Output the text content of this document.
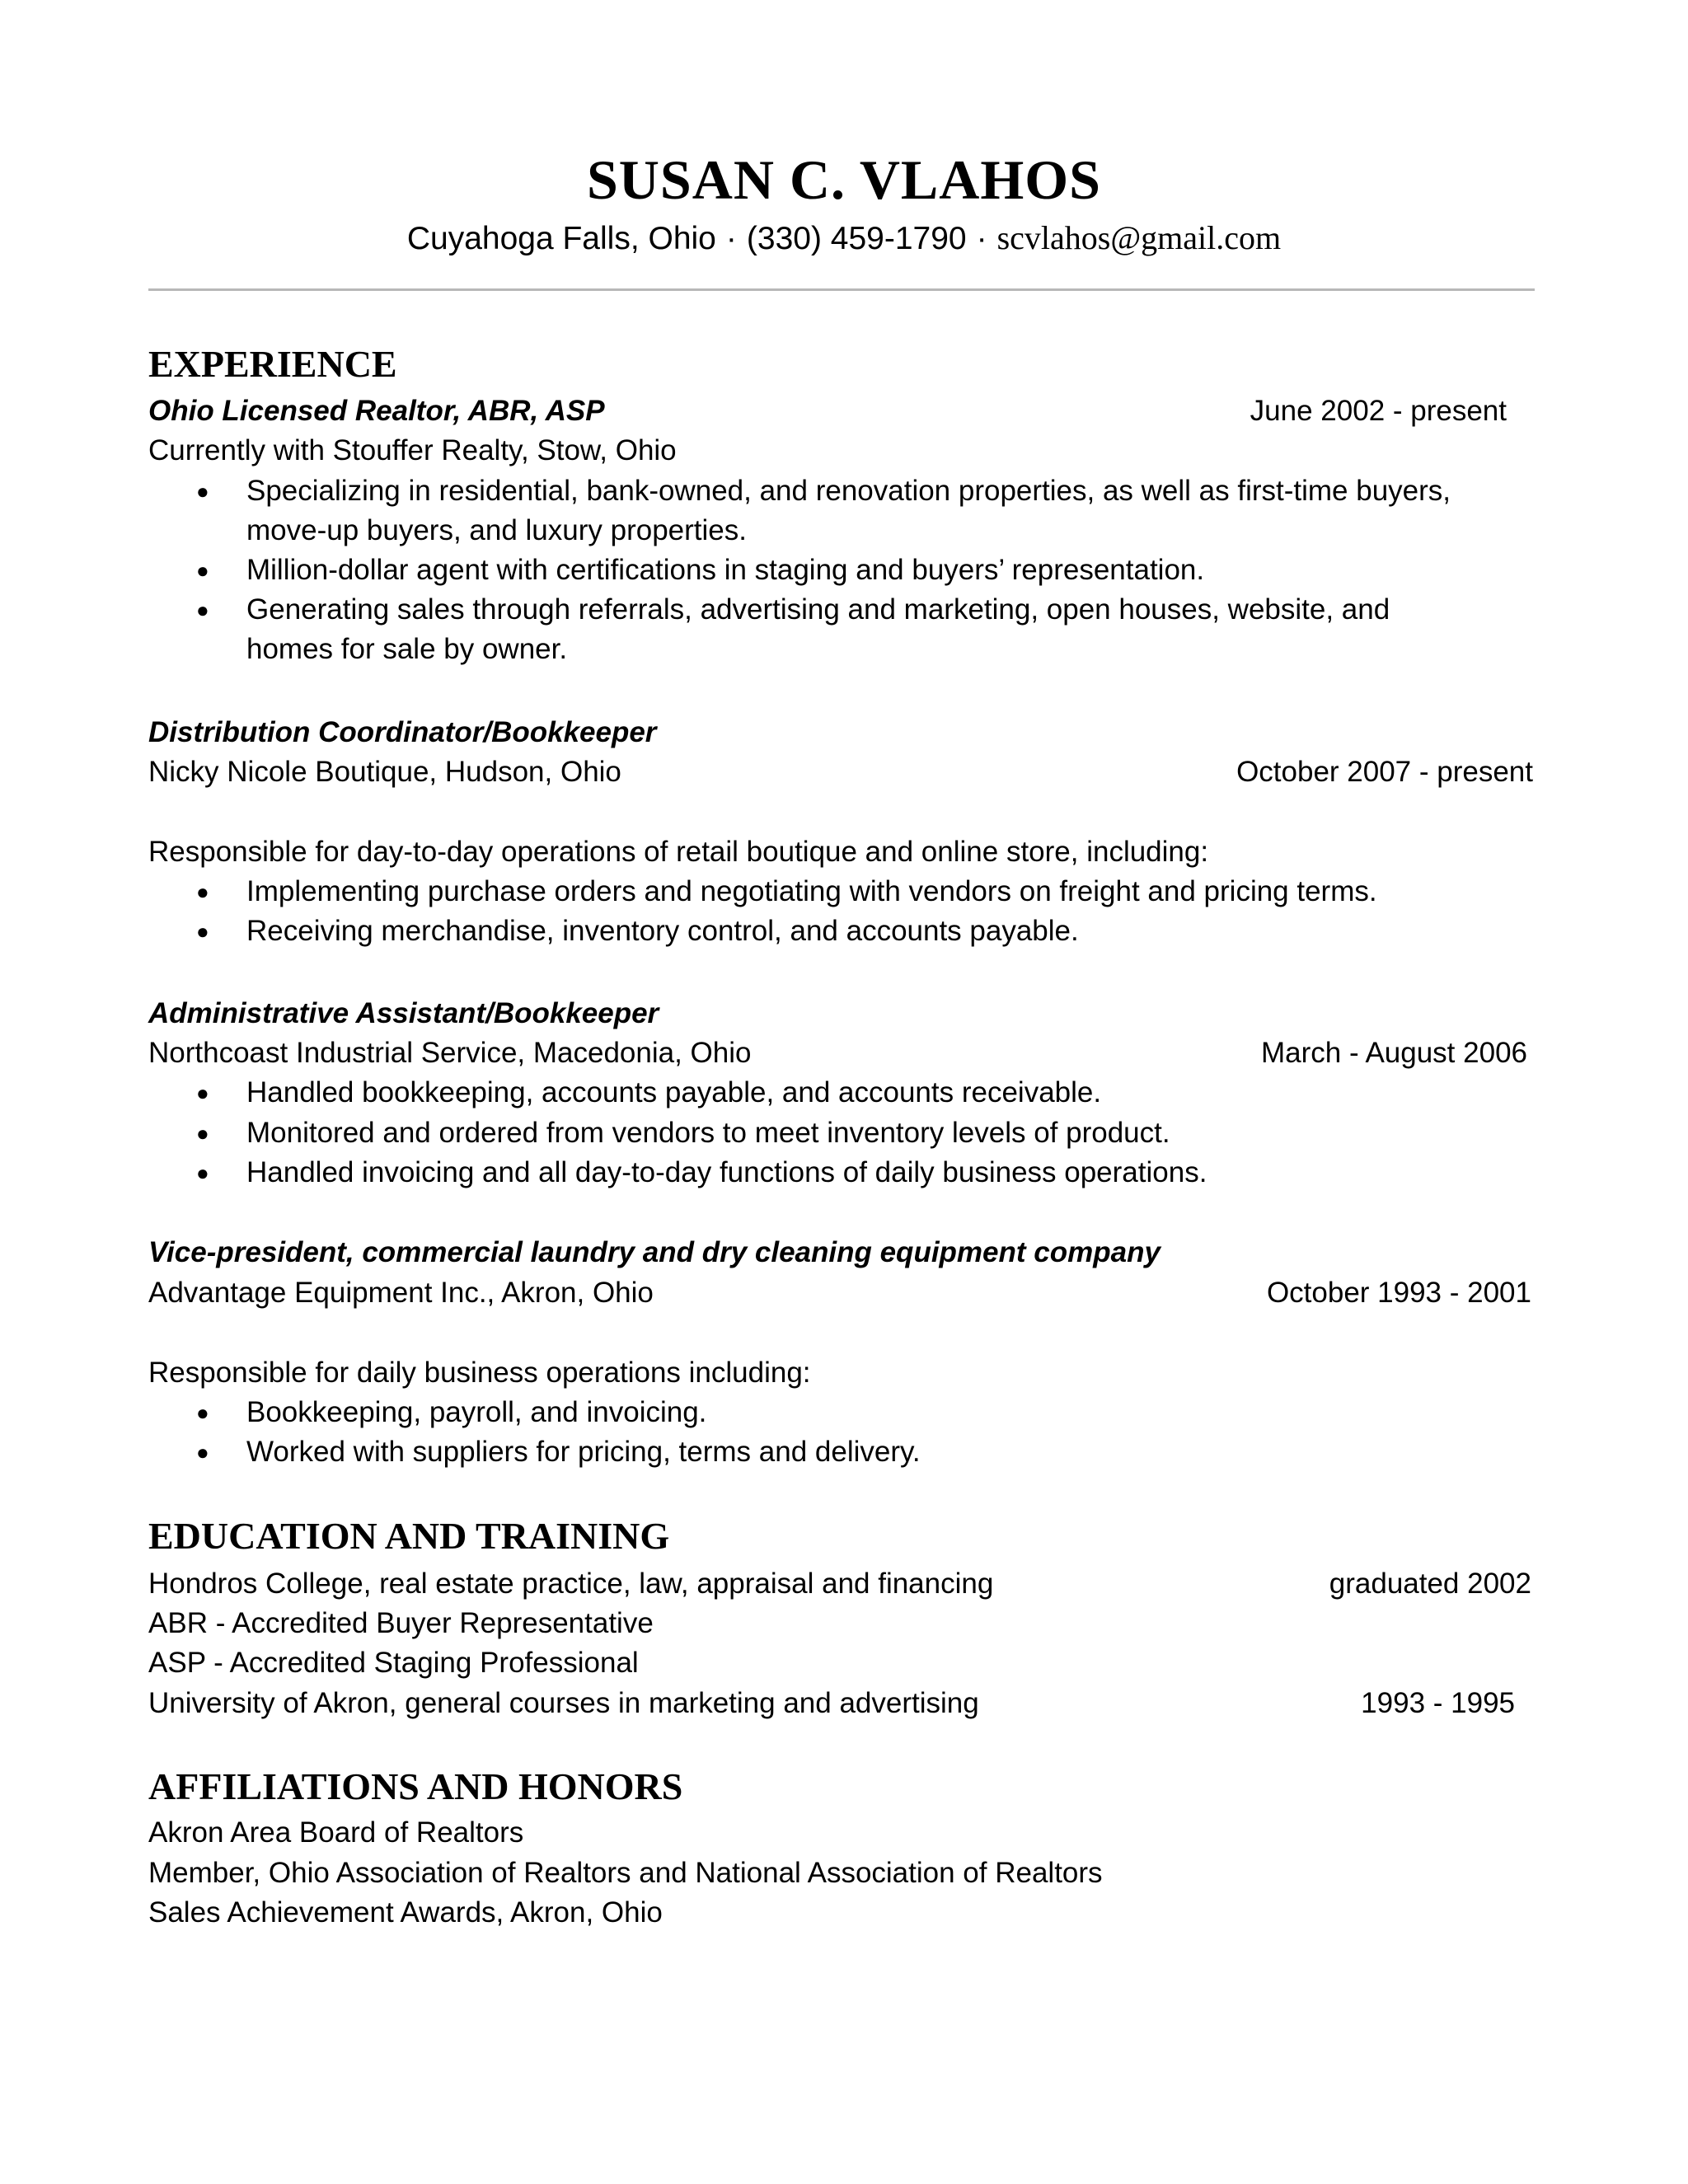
SUSAN C. VLAHOS
Cuyahoga Falls, Ohio · (330) 459-1790 · scvlahos@gmail.com
EXPERIENCE
Ohio Licensed Realtor, ABR, ASP	June 2002 - present
Currently with Stouffer Realty, Stow, Ohio
● Specializing in residential, bank-owned, and renovation properties, as well as first-time buyers,
move-up buyers, and luxury properties.
● Million-dollar agent with certifications in staging and buyers’ representation.
● Generating sales through referrals, advertising and marketing, open houses, website, and
homes for sale by owner.
Distribution Coordinator/Bookkeeper
Nicky Nicole Boutique, Hudson, Ohio	October 2007 - present
Responsible for day-to-day operations of retail boutique and online store, including:
● Implementing purchase orders and negotiating with vendors on freight and pricing terms.
● Receiving merchandise, inventory control, and accounts payable.
Administrative Assistant/Bookkeeper
Northcoast Industrial Service, Macedonia, Ohio	March - August 2006
● Handled bookkeeping, accounts payable, and accounts receivable.
● Monitored and ordered from vendors to meet inventory levels of product.
● Handled invoicing and all day-to-day functions of daily business operations.
Vice-president, commercial laundry and dry cleaning equipment company
Advantage Equipment Inc., Akron, Ohio	October 1993 - 2001
Responsible for daily business operations including:
● Bookkeeping, payroll, and invoicing.
● Worked with suppliers for pricing, terms and delivery.
EDUCATION AND TRAINING
Hondros College, real estate practice, law, appraisal and financing	graduated 2002
ABR - Accredited Buyer Representative
ASP - Accredited Staging Professional
University of Akron, general courses in marketing and advertising	1993 - 1995
AFFILIATIONS AND HONORS
Akron Area Board of Realtors
Member, Ohio Association of Realtors and National Association of Realtors
Sales Achievement Awards, Akron, Ohio
